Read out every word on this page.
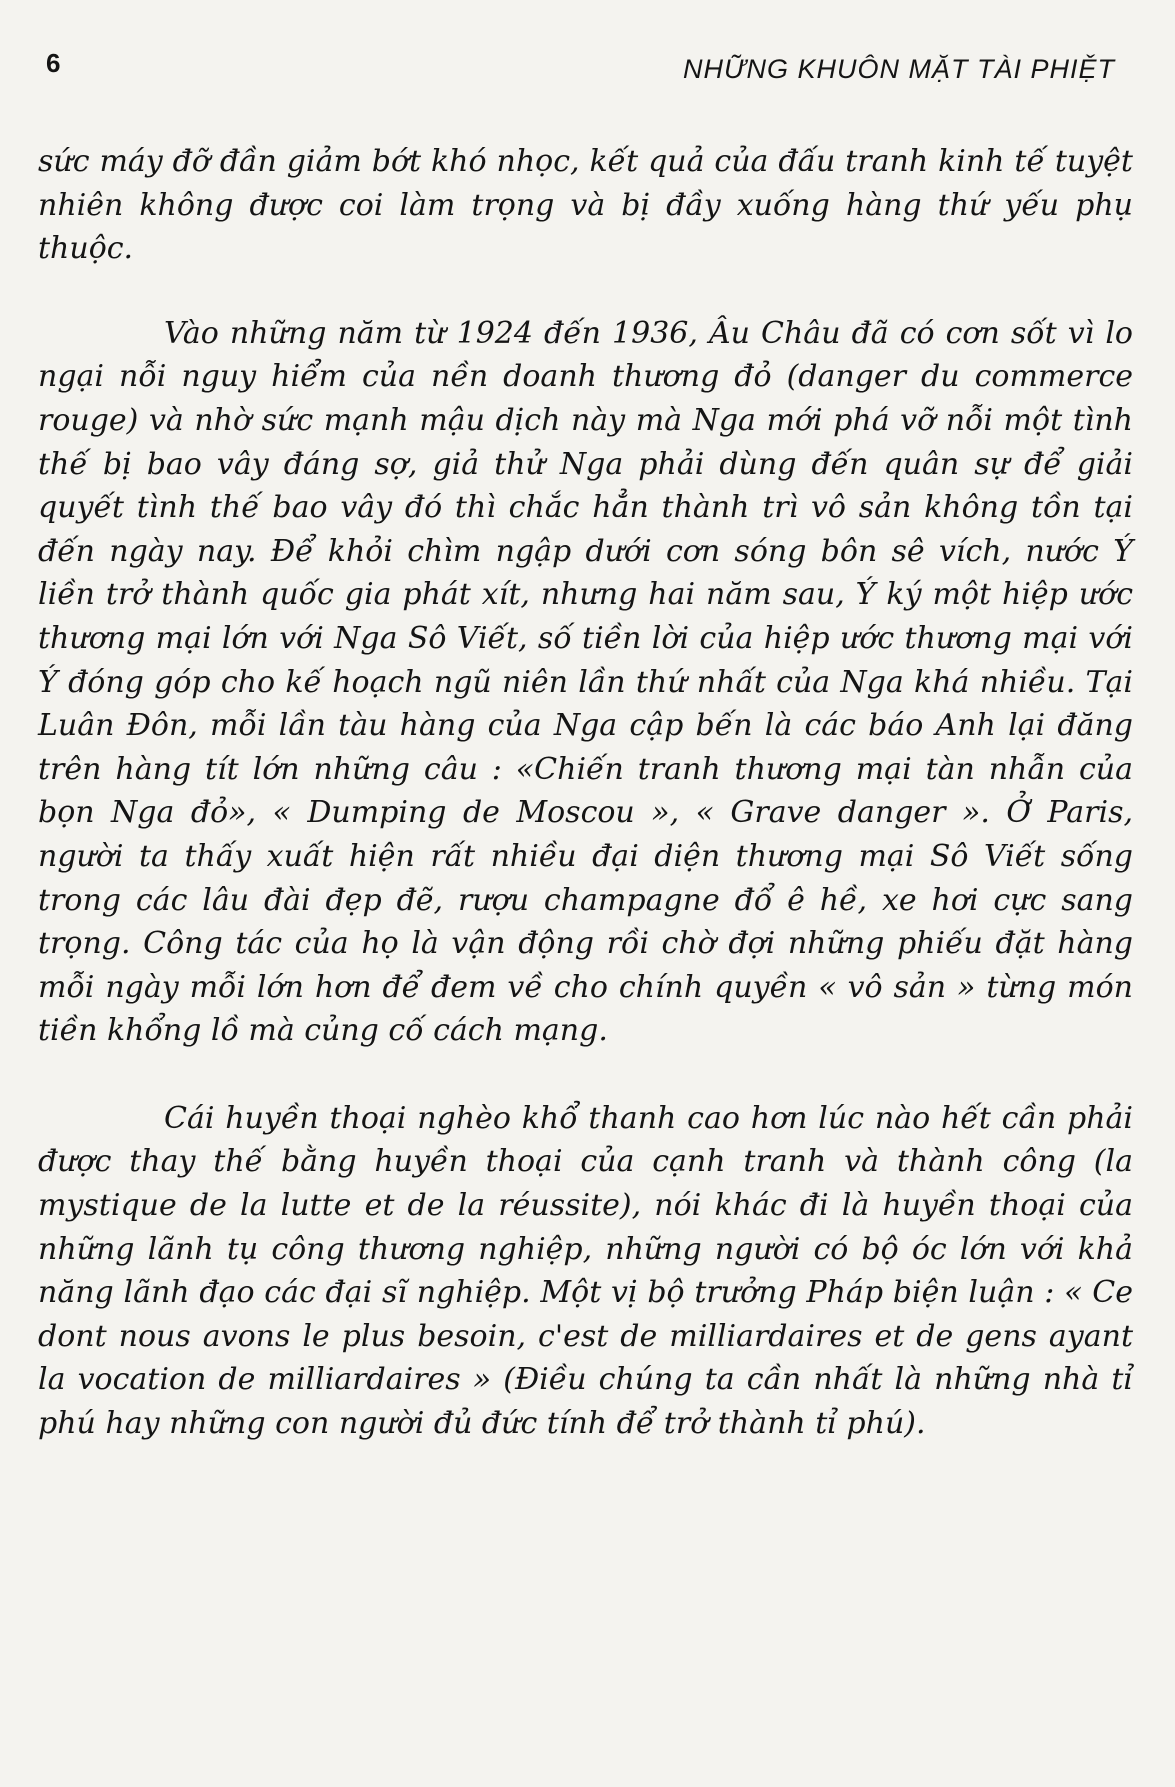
6	NHỮNG KHUÔN MẶT TÀI PHIỆT

sức máy đỡ đần giảm bớt khó nhọc, kết quả của đấu tranh kinh tế tuyệt nhiên không được coi làm trọng và bị đầy xuống hàng thứ yếu phụ thuộc.

Vào những năm từ 1924 đến 1936, Âu Châu đã có cơn sốt vì lo ngại nỗi nguy hiểm của nền doanh thương đỏ (danger du commerce rouge) và nhờ sức mạnh mậu dịch này mà Nga mới phá vỡ nỗi một tình thế bị bao vây đáng sợ, giả thử Nga phải dùng đến quân sự để giải quyết tình thế bao vây đó thì chắc hẳn thành trì vô sản không tồn tại đến ngày nay. Để khỏi chìm ngập dưới cơn sóng bôn sê vích, nước Ý liền trở thành quốc gia phát xít, nhưng hai năm sau, Ý ký một hiệp ước thương mại lớn với Nga Sô Viết, số tiền lời của hiệp ước thương mại với Ý đóng góp cho kế hoạch ngũ niên lần thứ nhất của Nga khá nhiều. Tại Luân Đôn, mỗi lần tàu hàng của Nga cập bến là các báo Anh lại đăng trên hàng tít lớn những câu : «Chiến tranh thương mại tàn nhẫn của bọn Nga đỏ», « Dumping de Moscou », « Grave danger ». Ở Paris, người ta thấy xuất hiện rất nhiều đại diện thương mại Sô Viết sống trong các lâu đài đẹp đẽ, rượu champagne đổ ê hề, xe hơi cực sang trọng. Công tác của họ là vận động rồi chờ đợi những phiếu đặt hàng mỗi ngày mỗi lớn hơn để đem về cho chính quyền « vô sản » từng món tiền khổng lồ mà củng cố cách mạng.

Cái huyền thoại nghèo khổ thanh cao hơn lúc nào hết cần phải được thay thế bằng huyền thoại của cạnh tranh và thành công (la mystique de la lutte et de la réussite), nói khác đi là huyền thoại của những lãnh tụ công thương nghiệp, những người có bộ óc lớn với khả năng lãnh đạo các đại sĩ nghiệp. Một vị bộ trưởng Pháp biện luận : « Ce dont nous avons le plus besoin, c'est de milliardaires et de gens ayant la vocation de milliardaires » (Điều chúng ta cần nhất là những nhà tỉ phú hay những con người đủ đức tính để trở thành tỉ phú).
